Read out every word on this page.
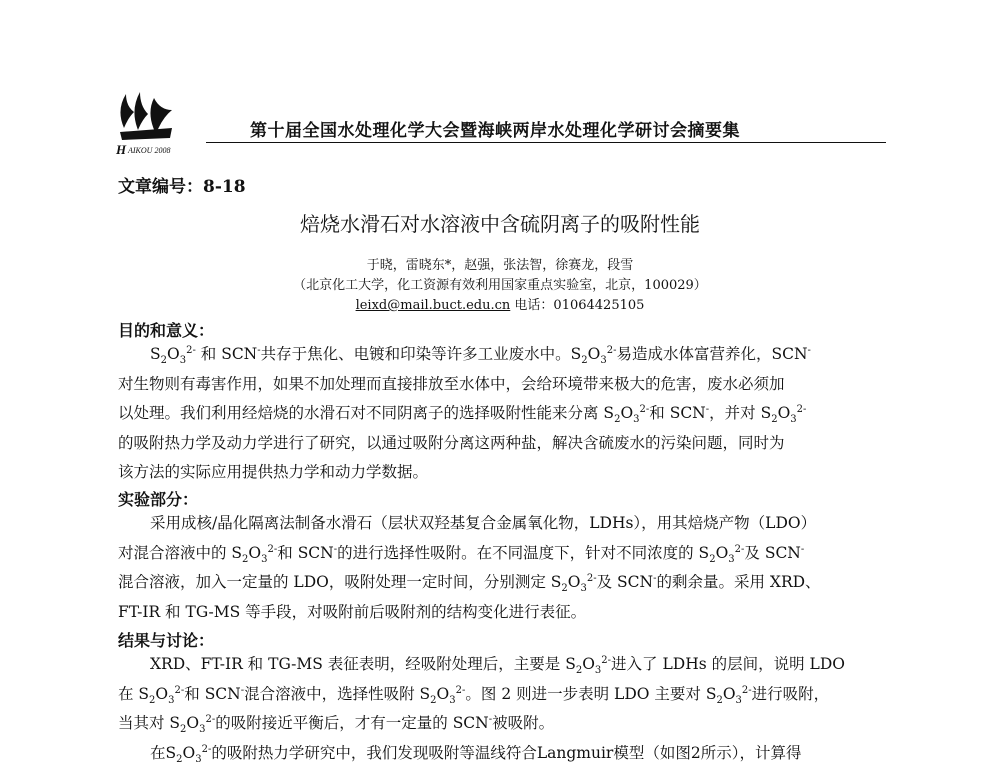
H AIKOU 2008
第十届全国水处理化学大会暨海峡两岸水处理化学研讨会摘要集
文章编号：8-18
焙烧水滑石对水溶液中含硫阴离子的吸附性能
于晓，雷晓东*，赵强，张法智，徐赛龙，段雪
（北京化工大学，化工资源有效利用国家重点实验室，北京，100029）
leixd@mail.buct.edu.cn 电话：01064425105
目的和意义：
$S_2O_3^{2-}$ 和 SCN-共存于焦化、电镀和印染等许多工业废水中。$S_2O_3^{2-}$易造成水体富营养化，SCN-
对生物则有毒害作用，如果不加处理而直接排放至水体中，会给环境带来极大的危害，废水必须加
以处理。我们利用经焙烧的水滑石对不同阴离子的选择吸附性能来分离 $S_2O_3^{2-}$和 SCN-，并对 $S_2O_3^{2-}$
的吸附热力学及动力学进行了研究，以通过吸附分离这两种盐，解决含硫废水的污染问题，同时为
该方法的实际应用提供热力学和动力学数据。
实验部分：
采用成核/晶化隔离法制备水滑石（层状双羟基复合金属氧化物，LDHs），用其焙烧产物（LDO）
对混合溶液中的 $S_2O_3^{2-}$和 SCN-的进行选择性吸附。在不同温度下，针对不同浓度的 $S_2O_3^{2-}$及 SCN-
混合溶液，加入一定量的 LDO，吸附处理一定时间，分别测定 $S_2O_3^{2-}$及 SCN-的剩余量。采用 XRD、
FT-IR 和 TG-MS 等手段，对吸附前后吸附剂的结构变化进行表征。
结果与讨论：
XRD、FT-IR 和 TG-MS 表征表明，经吸附处理后，主要是 $S_2O_3^{2-}$进入了 LDHs 的层间，说明 LDO
在 $S_2O_3^{2-}$和 SCN-混合溶液中，选择性吸附 $S_2O_3^{2-}$。图 2 则进一步表明 LDO 主要对 $S_2O_3^{2-}$进行吸附，
当其对 $S_2O_3^{2-}$的吸附接近平衡后，才有一定量的 SCN-被吸附。
在$S_2O_3^{2-}$的吸附热力学研究中，我们发现吸附等温线符合Langmuir模型（如图2所示），计算得
